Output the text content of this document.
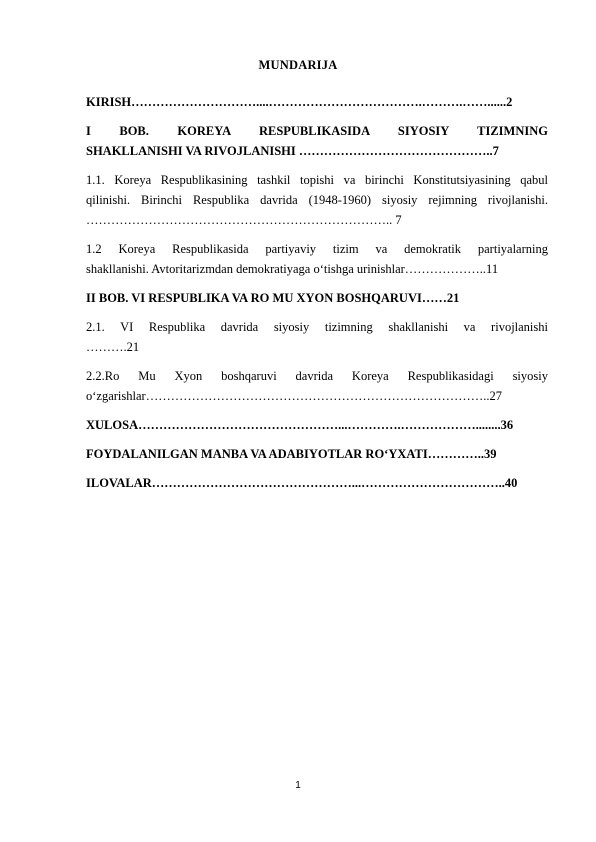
MUNDARIJA
KIRISH…………………………....……………………………….……….……......2
I BOB. KOREYA RESPUBLIKASIDA SIYOSIY TIZIMNING
SHAKLLANISHI VA RIVOJLANISHI ………………………………………..7
1.1. Koreya Respublikasining tashkil topishi va birinchi Konstitutsiyasining qabul
qilinishi. Birinchi Respublika davrida (1948-1960) siyosiy rejimning rivojlanishi.
……………………………………………………………….. 7
1.2 Koreya Respublikasida partiyaviy tizim va demokratik partiyalarning
shakllanishi. Avtoritarizmdan demokratiyaga o‘tishga urinishlar………………..11
II BOB. VI RESPUBLIKA VA RO MU XYON BOSHQARUVI……21
2.1. VI Respublika davrida siyosiy tizimning shakllanishi va rivojlanishi
……….21
2.2.Ro Mu Xyon boshqaruvi davrida Koreya Respublikasidagi siyosiy
o‘zgarishlar………………………………………………………………………..27
XULOSA…………………………………………...………….………………........36
FOYDALANILGAN MANBA VA ADABIYOTLAR RO‘YXATI…………..39
ILOVALAR…………………………………………...……………………………..40
1
